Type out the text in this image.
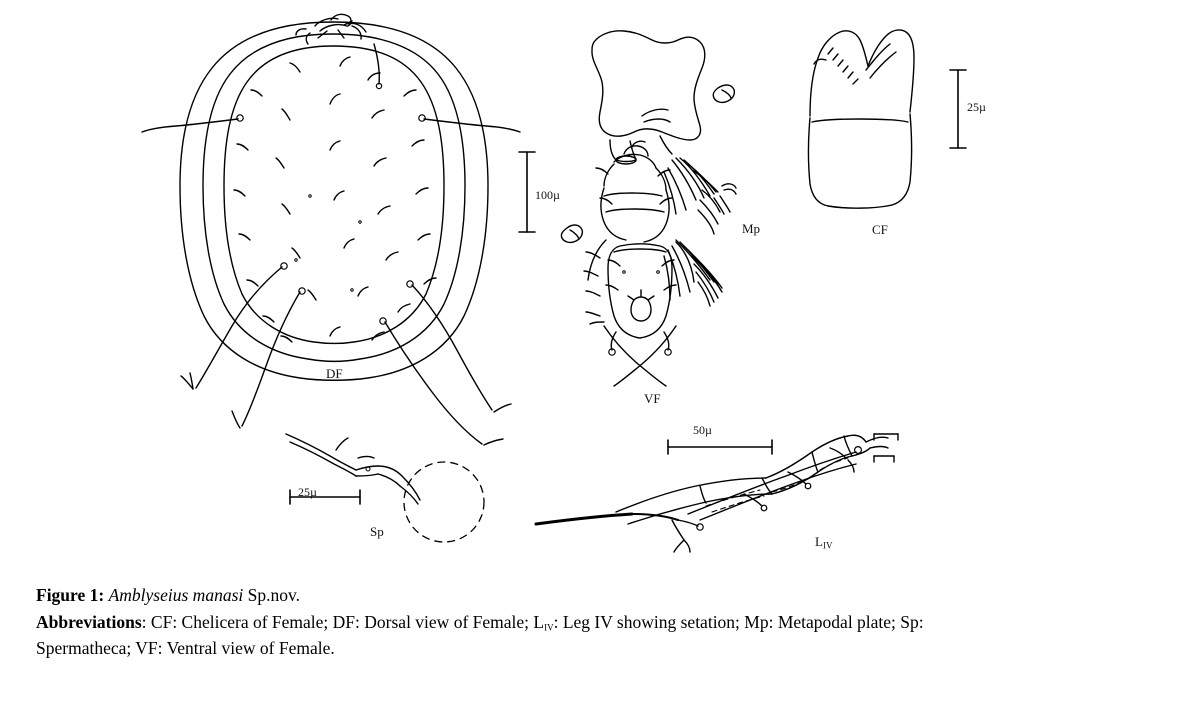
DF
VF
Mp	CF
Sp
$L_{IV}$
100µ
25µ
25µ
50µ
Figure 1: Amblyseius manasi Sp.nov.
Abbreviations: CF: Chelicera of Female; DF: Dorsal view of Female; $L_{IV}$: Leg IV showing setation; Mp: Metapodal plate; Sp:
Spermatheca; VF: Ventral view of Female.
